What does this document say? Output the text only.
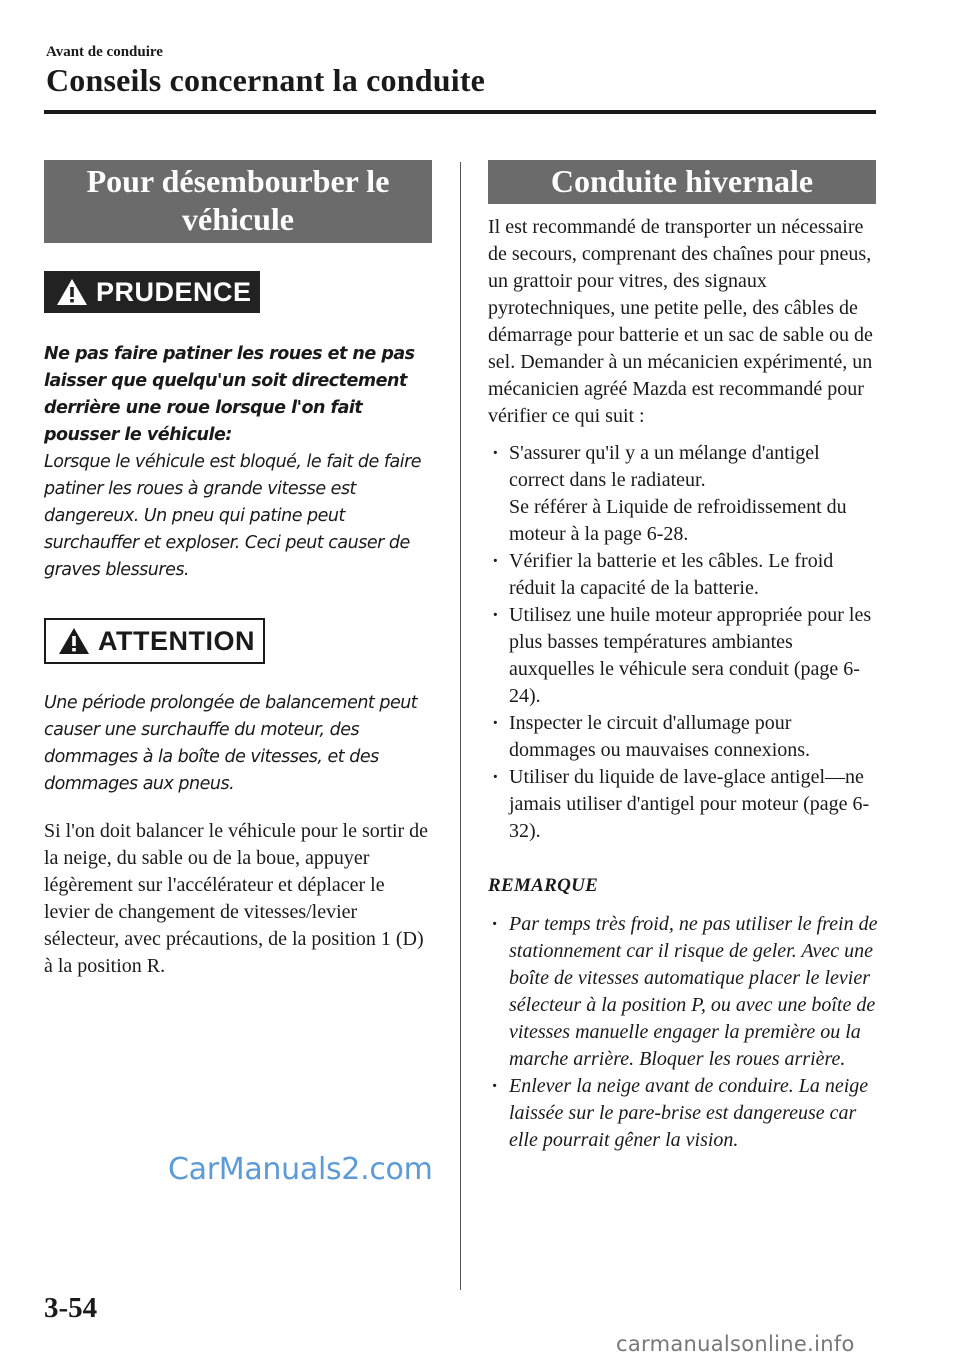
Avant de conduire
Conseils concernant la conduite
Pour désembourber le véhicule
PRUDENCE
Ne pas faire patiner les roues et ne pas laisser que quelqu'un soit directement derrière une roue lorsque l'on fait pousser le véhicule:
Lorsque le véhicule est bloqué, le fait de faire patiner les roues à grande vitesse est dangereux. Un pneu qui patine peut surchauffer et exploser. Ceci peut causer de graves blessures.
ATTENTION
Une période prolongée de balancement peut causer une surchauffe du moteur, des dommages à la boîte de vitesses, et des dommages aux pneus.
Si l'on doit balancer le véhicule pour le sortir de la neige, du sable ou de la boue, appuyer légèrement sur l'accélérateur et déplacer le levier de changement de vitesses/levier sélecteur, avec précautions, de la position 1 (D) à la position R.
Conduite hivernale
Il est recommandé de transporter un nécessaire de secours, comprenant des chaînes pour pneus, un grattoir pour vitres, des signaux pyrotechniques, une petite pelle, des câbles de démarrage pour batterie et un sac de sable ou de sel. Demander à un mécanicien expérimenté, un mécanicien agréé Mazda est recommandé pour vérifier ce qui suit :
· S'assurer qu'il y a un mélange d'antigel correct dans le radiateur.
Se référer à Liquide de refroidissement du moteur à la page 6-28.
· Vérifier la batterie et les câbles. Le froid réduit la capacité de la batterie.
· Utilisez une huile moteur appropriée pour les plus basses températures ambiantes auxquelles le véhicule sera conduit (page 6-24).
· Inspecter le circuit d'allumage pour dommages ou mauvaises connexions.
· Utiliser du liquide de lave-glace antigel—ne jamais utiliser d'antigel pour moteur (page 6-32).
REMARQUE
· Par temps très froid, ne pas utiliser le frein de stationnement car il risque de geler. Avec une boîte de vitesses automatique placer le levier sélecteur à la position P, ou avec une boîte de vitesses manuelle engager la première ou la marche arrière. Bloquer les roues arrière.
· Enlever la neige avant de conduire. La neige laissée sur le pare-brise est dangereuse car elle pourrait gêner la vision.
CarManuals2.com
3-54
carmanualsonline.info
